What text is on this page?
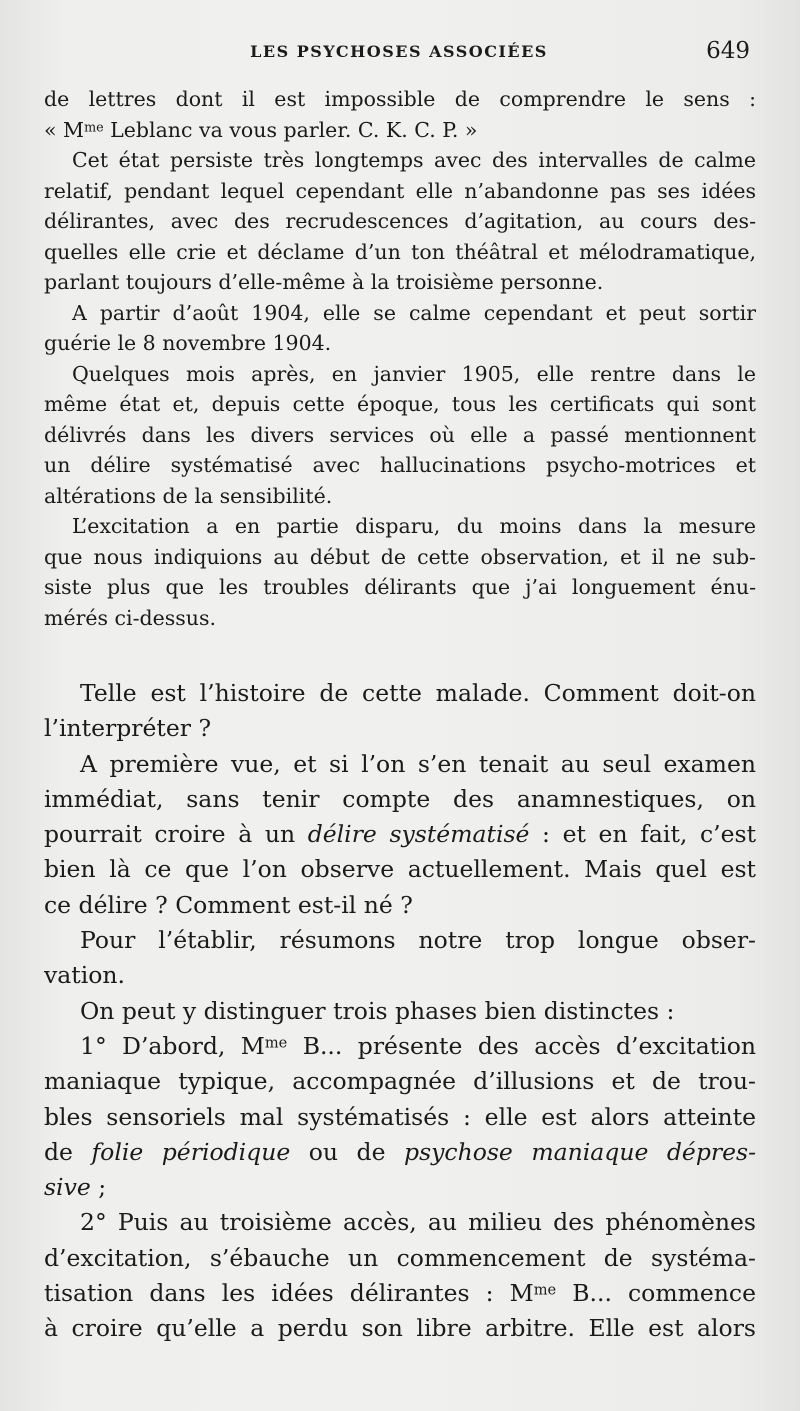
LES PSYCHOSES ASSOCIÉES	649
de lettres dont il est impossible de comprendre le sens :
« $M^{me}$ Leblanc va vous parler. C. K. C. P. »
Cet état persiste très longtemps avec des intervalles de calme
relatif, pendant lequel cependant elle n’abandonne pas ses idées
délirantes, avec des recrudescences d’agitation, au cours des-
quelles elle crie et déclame d’un ton théâtral et mélodramatique,
parlant toujours d’elle-même à la troisième personne.
A partir d’août 1904, elle se calme cependant et peut sortir
guérie le 8 novembre 1904.
Quelques mois après, en janvier 1905, elle rentre dans le
même état et, depuis cette époque, tous les certificats qui sont
délivrés dans les divers services où elle a passé mentionnent
un délire systématisé avec hallucinations psycho-motrices et
altérations de la sensibilité.
L’excitation a en partie disparu, du moins dans la mesure
que nous indiquions au début de cette observation, et il ne sub-
siste plus que les troubles délirants que j’ai longuement énu-
mérés ci-dessus.
Telle est l’histoire de cette malade. Comment doit-on
l’interpréter ?
A première vue, et si l’on s’en tenait au seul examen
immédiat, sans tenir compte des anamnestiques, on
pourrait croire à un délire systématisé : et en fait, c’est
bien là ce que l’on observe actuellement. Mais quel est
ce délire ? Comment est-il né ?
Pour l’établir, résumons notre trop longue obser-
vation.
On peut y distinguer trois phases bien distinctes :
1° D’abord, $M^{me}$ B... présente des accès d’excitation
maniaque typique, accompagnée d’illusions et de trou-
bles sensoriels mal systématisés : elle est alors atteinte
de folie périodique ou de psychose maniaque dépres-
sive ;
2° Puis au troisième accès, au milieu des phénomènes
d’excitation, s’ébauche un commencement de systéma-
tisation dans les idées délirantes : $M^{me}$ B... commence
à croire qu’elle a perdu son libre arbitre. Elle est alors
